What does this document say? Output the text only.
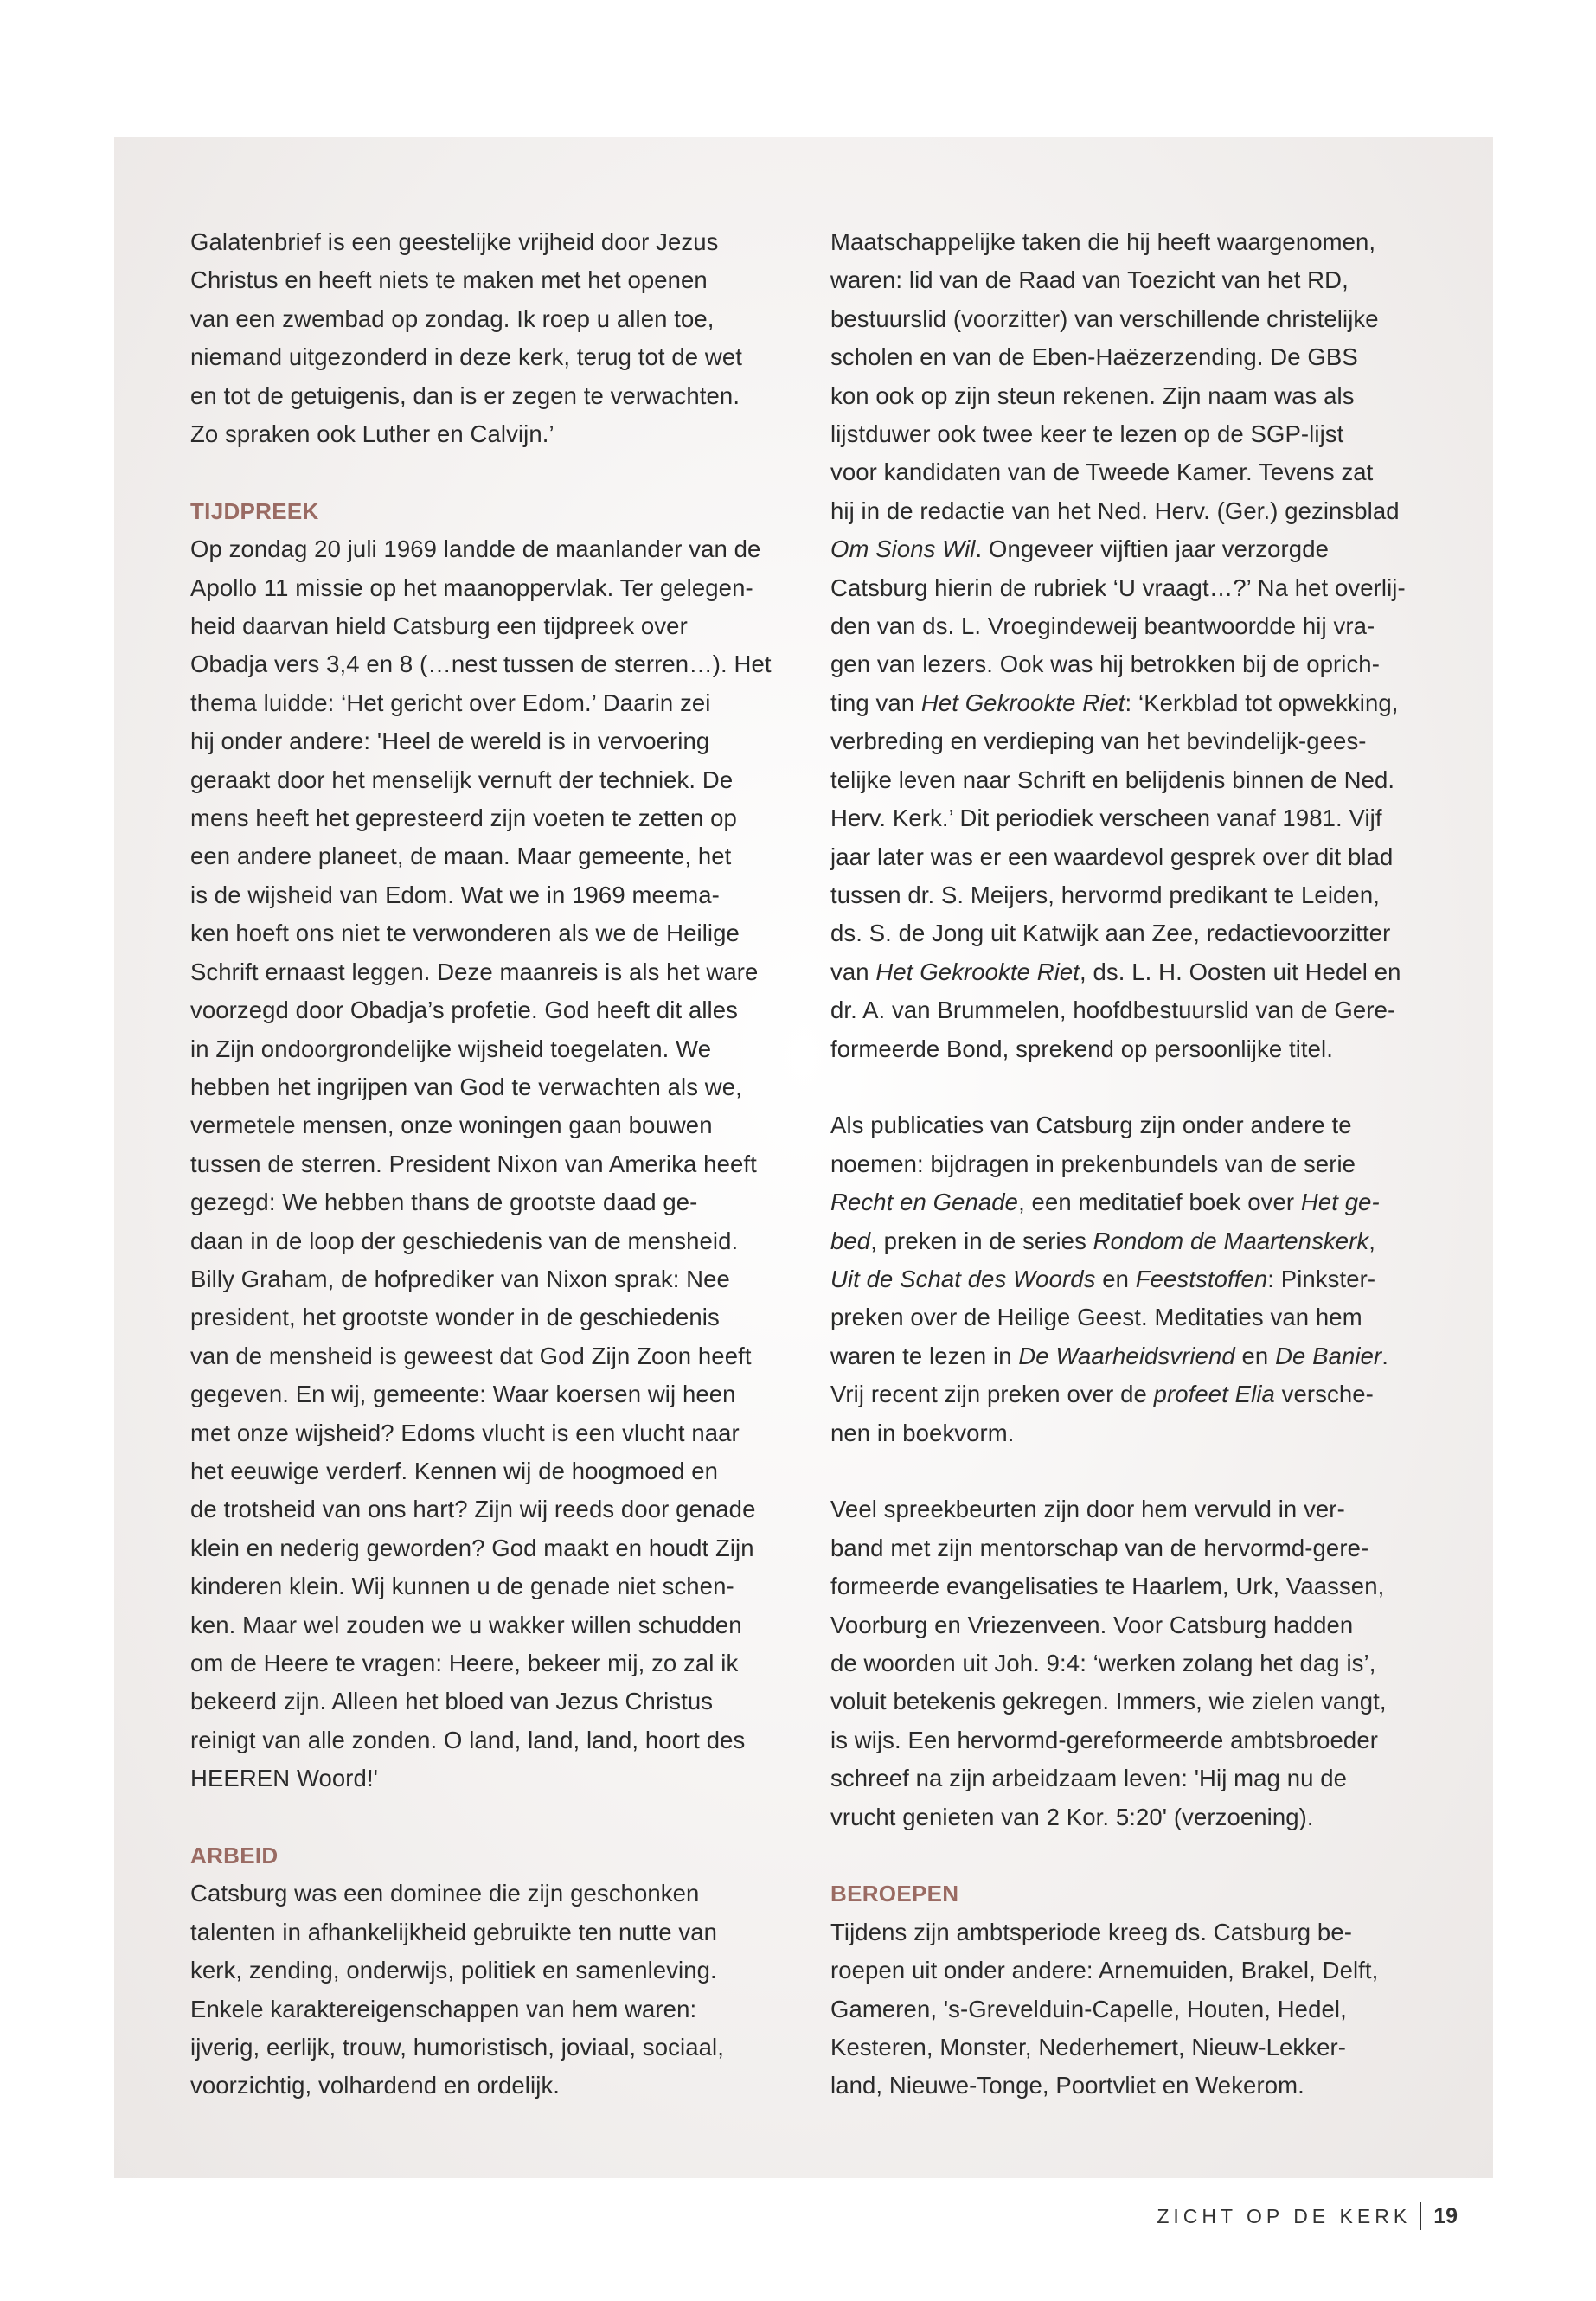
Galatenbrief is een geestelijke vrijheid door Jezus
Christus en heeft niets te maken met het openen
van een zwembad op zondag. Ik roep u allen toe,
niemand uitgezonderd in deze kerk, terug tot de wet
en tot de getuigenis, dan is er zegen te verwachten.
Zo spraken ook Luther en Calvijn.’

TIJDPREEK

Op zondag 20 juli 1969 landde de maanlander van de
Apollo 11 missie op het maanoppervlak. Ter gelegen-
heid daarvan hield Catsburg een tijdpreek over
Obadja vers 3,4 en 8 (…nest tussen de sterren…). Het
thema luidde: ‘Het gericht over Edom.’ Daarin zei
hij onder andere: 'Heel de wereld is in vervoering
geraakt door het menselijk vernuft der techniek. De
mens heeft het gepresteerd zijn voeten te zetten op
een andere planeet, de maan. Maar gemeente, het
is de wijsheid van Edom. Wat we in 1969 meema-
ken hoeft ons niet te verwonderen als we de Heilige
Schrift ernaast leggen. Deze maanreis is als het ware
voorzegd door Obadja’s profetie. God heeft dit alles
in Zijn ondoorgrondelijke wijsheid toegelaten. We
hebben het ingrijpen van God te verwachten als we,
vermetele mensen, onze woningen gaan bouwen
tussen de sterren. President Nixon van Amerika heeft
gezegd: We hebben thans de grootste daad ge-
daan in de loop der geschiedenis van de mensheid.
Billy Graham, de hofprediker van Nixon sprak: Nee
president, het grootste wonder in de geschiedenis
van de mensheid is geweest dat God Zijn Zoon heeft
gegeven. En wij, gemeente: Waar koersen wij heen
met onze wijsheid? Edoms vlucht is een vlucht naar
het eeuwige verderf. Kennen wij de hoogmoed en
de trotsheid van ons hart? Zijn wij reeds door genade
klein en nederig geworden? God maakt en houdt Zijn
kinderen klein. Wij kunnen u de genade niet schen-
ken. Maar wel zouden we u wakker willen schudden
om de Heere te vragen: Heere, bekeer mij, zo zal ik
bekeerd zijn. Alleen het bloed van Jezus Christus
reinigt van alle zonden. O land, land, land, hoort des
HEEREN Woord!'

ARBEID

Catsburg was een dominee die zijn geschonken
talenten in afhankelijkheid gebruikte ten nutte van
kerk, zending, onderwijs, politiek en samenleving.
Enkele karaktereigenschappen van hem waren:
ijverig, eerlijk, trouw, humoristisch, joviaal, sociaal,
voorzichtig, volhardend en ordelijk.

Maatschappelijke taken die hij heeft waargenomen,
waren: lid van de Raad van Toezicht van het RD,
bestuurslid (voorzitter) van verschillende christelijke
scholen en van de Eben-Haëzerzending. De GBS
kon ook op zijn steun rekenen. Zijn naam was als
lijstduwer ook twee keer te lezen op de SGP-lijst
voor kandidaten van de Tweede Kamer. Tevens zat
hij in de redactie van het Ned. Herv. (Ger.) gezinsblad
Om Sions Wil. Ongeveer vijftien jaar verzorgde
Catsburg hierin de rubriek ‘U vraagt…?’ Na het overlij-
den van ds. L. Vroegindeweij beantwoordde hij vra-
gen van lezers. Ook was hij betrokken bij de oprich-
ting van Het Gekrookte Riet: ‘Kerkblad tot opwekking,
verbreding en verdieping van het bevindelijk-gees-
telijke leven naar Schrift en belijdenis binnen de Ned.
Herv. Kerk.’ Dit periodiek verscheen vanaf 1981. Vijf
jaar later was er een waardevol gesprek over dit blad
tussen dr. S. Meijers, hervormd predikant te Leiden,
ds. S. de Jong uit Katwijk aan Zee, redactievoorzitter
van Het Gekrookte Riet, ds. L. H. Oosten uit Hedel en
dr. A. van Brummelen, hoofdbestuurslid van de Gere-
formeerde Bond, sprekend op persoonlijke titel.

Als publicaties van Catsburg zijn onder andere te
noemen: bijdragen in prekenbundels van de serie
Recht en Genade, een meditatief boek over Het ge-
bed, preken in de series Rondom de Maartenskerk,
Uit de Schat des Woords en Feeststoffen: Pinkster-
preken over de Heilige Geest. Meditaties van hem
waren te lezen in De Waarheidsvriend en De Banier.
Vrij recent zijn preken over de profeet Elia versche-
nen in boekvorm.

Veel spreekbeurten zijn door hem vervuld in ver-
band met zijn mentorschap van de hervormd-gere-
formeerde evangelisaties te Haarlem, Urk, Vaassen,
Voorburg en Vriezenveen. Voor Catsburg hadden
de woorden uit Joh. 9:4: ‘werken zolang het dag is’,
voluit betekenis gekregen. Immers, wie zielen vangt,
is wijs. Een hervormd-gereformeerde ambtsbroeder
schreef na zijn arbeidzaam leven: 'Hij mag nu de
vrucht genieten van 2 Kor. 5:20' (verzoening).

BEROEPEN

Tijdens zijn ambtsperiode kreeg ds. Catsburg be-
roepen uit onder andere: Arnemuiden, Brakel, Delft,
Gameren, 's-Grevelduin-Capelle, Houten, Hedel,
Kesteren, Monster, Nederhemert, Nieuw-Lekker-
land, Nieuwe-Tonge, Poortvliet en Wekerom.

ZICHT OP DE KERK 19
